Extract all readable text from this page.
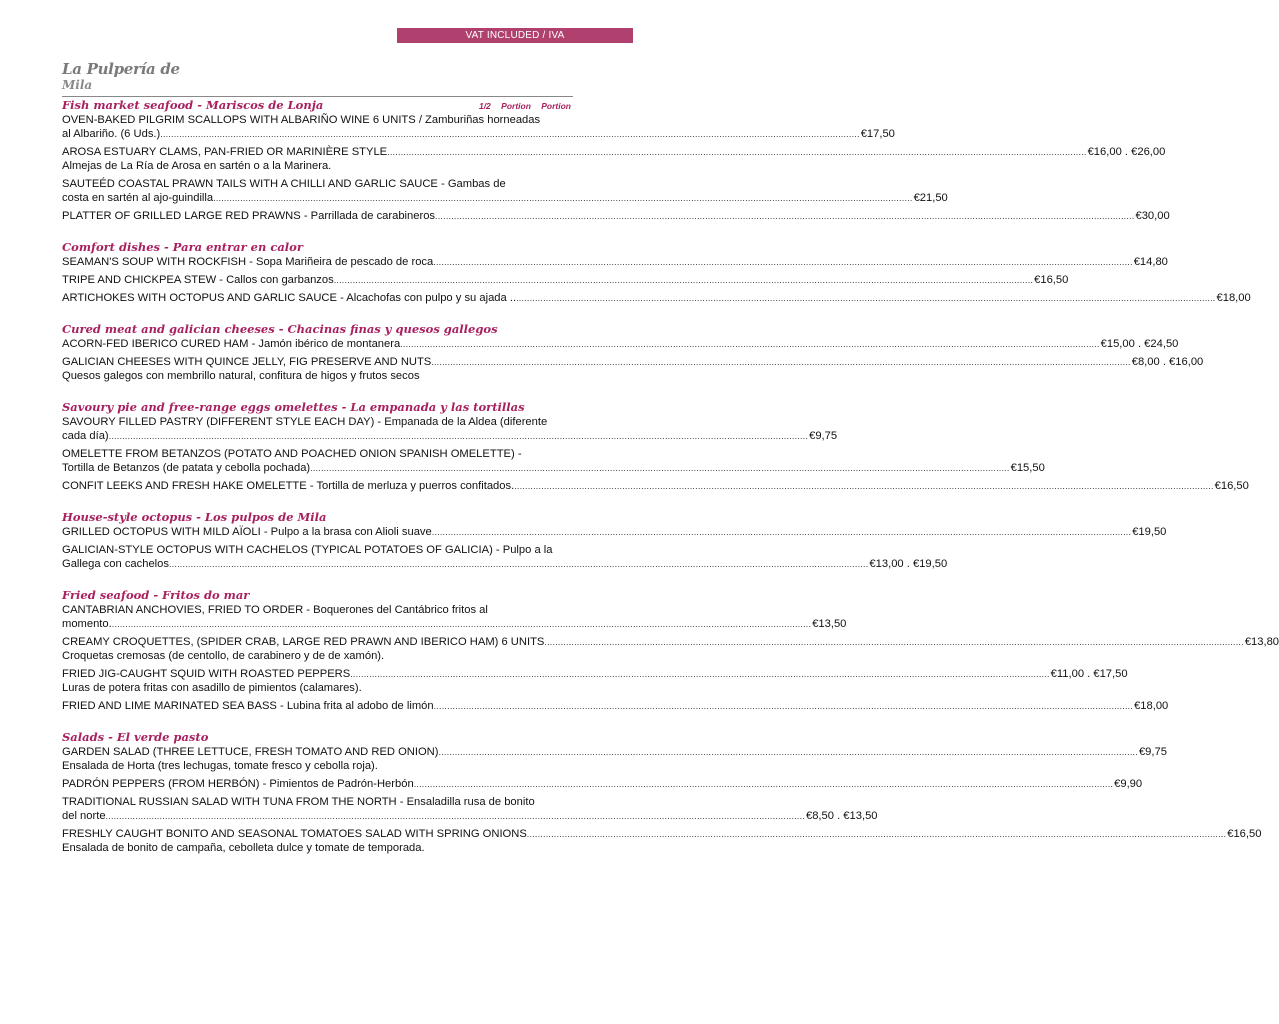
VAT INCLUDED / IVA
La Pulpería de
Mila
Fish market seafood - Mariscos de Lonja	1/2 Portion Portion
OVEN-BAKED PILGRIM SCALLOPS WITH ALBARIÑO WINE 6 UNITS / Zamburiñas horneadas
al Albariño. (6 Uds.) .....	€17,50
AROSA ESTUARY CLAMS, PAN-FRIED OR MARINIÈRE STYLE .....	€16,00 . €26,00
Almejas de La Ría de Arosa en sartén o a la Marinera.
SAUTEÉD COASTAL PRAWN TAILS WITH A CHILLI AND GARLIC SAUCE - Gambas de
costa en sartén al ajo-guindilla .....	€21,50
PLATTER OF GRILLED LARGE RED PRAWNS - Parrillada de carabineros .....	€30,00
Comfort dishes - Para entrar en calor
SEAMAN'S SOUP WITH ROCKFISH - Sopa Mariñeira de pescado de roca .....	€14,80
TRIPE AND CHICKPEA STEW - Callos con garbanzos .....	€16,50
ARTICHOKES WITH OCTOPUS AND GARLIC SAUCE - Alcachofas con pulpo y su ajada .. .....	€18,00
Cured meat and galician cheeses - Chacinas finas y quesos gallegos
ACORN-FED IBERICO CURED HAM - Jamón ibérico de montanera .....	€15,00 . €24,50
GALICIAN CHEESES WITH QUINCE JELLY, FIG PRESERVE AND NUTS .....	€8,00 . €16,00
Quesos galegos con membrillo natural, confitura de higos y frutos secos
Savoury pie and free-range eggs omelettes - La empanada y las tortillas
SAVOURY FILLED PASTRY (DIFFERENT STYLE EACH DAY) - Empanada de la Aldea (diferente
cada día) .....	€9,75
OMELETTE FROM BETANZOS (POTATO AND POACHED ONION SPANISH OMELETTE) -
Tortilla de Betanzos (de patata y cebolla pochada) .....	€15,50
CONFIT LEEKS AND FRESH HAKE OMELETTE - Tortilla de merluza y puerros confitados. .....	€16,50
House-style octopus - Los pulpos de Mila
GRILLED OCTOPUS WITH MILD AÏOLI - Pulpo a la brasa con Alioli suave .....	€19,50
GALICIAN-STYLE OCTOPUS WITH CACHELOS (TYPICAL POTATOES OF GALICIA) - Pulpo a la
Gallega con cachelos .....	€13,00 . €19,50
Fried seafood - Fritos do mar
CANTABRIAN ANCHOVIES, FRIED TO ORDER - Boquerones del Cantábrico fritos al
momento. .....	€13,50
CREAMY CROQUETTES, (SPIDER CRAB, LARGE RED PRAWN AND IBERICO HAM) 6 UNITS .....	€13,80
Croquetas cremosas (de centollo, de carabinero y de de xamón).
FRIED JIG-CAUGHT SQUID WITH ROASTED PEPPERS .....	€11,00 . €17,50
Luras de potera fritas con asadillo de pimientos (calamares).
FRIED AND LIME MARINATED SEA BASS - Lubina frita al adobo de limón .....	€18,00
Salads - El verde pasto
GARDEN SALAD (THREE LETTUCE, FRESH TOMATO AND RED ONION) .....	€9,75
Ensalada de Horta (tres lechugas, tomate fresco y cebolla roja).
PADRÓN PEPPERS (FROM HERBÓN) - Pimientos de Padrón-Herbón .....	€9,90
TRADITIONAL RUSSIAN SALAD WITH TUNA FROM THE NORTH - Ensaladilla rusa de bonito
del norte .....	€8,50 . €13,50
FRESHLY CAUGHT BONITO AND SEASONAL TOMATOES SALAD WITH SPRING ONIONS .....	€16,50
Ensalada de bonito de campaña, cebolleta dulce y tomate de temporada.
